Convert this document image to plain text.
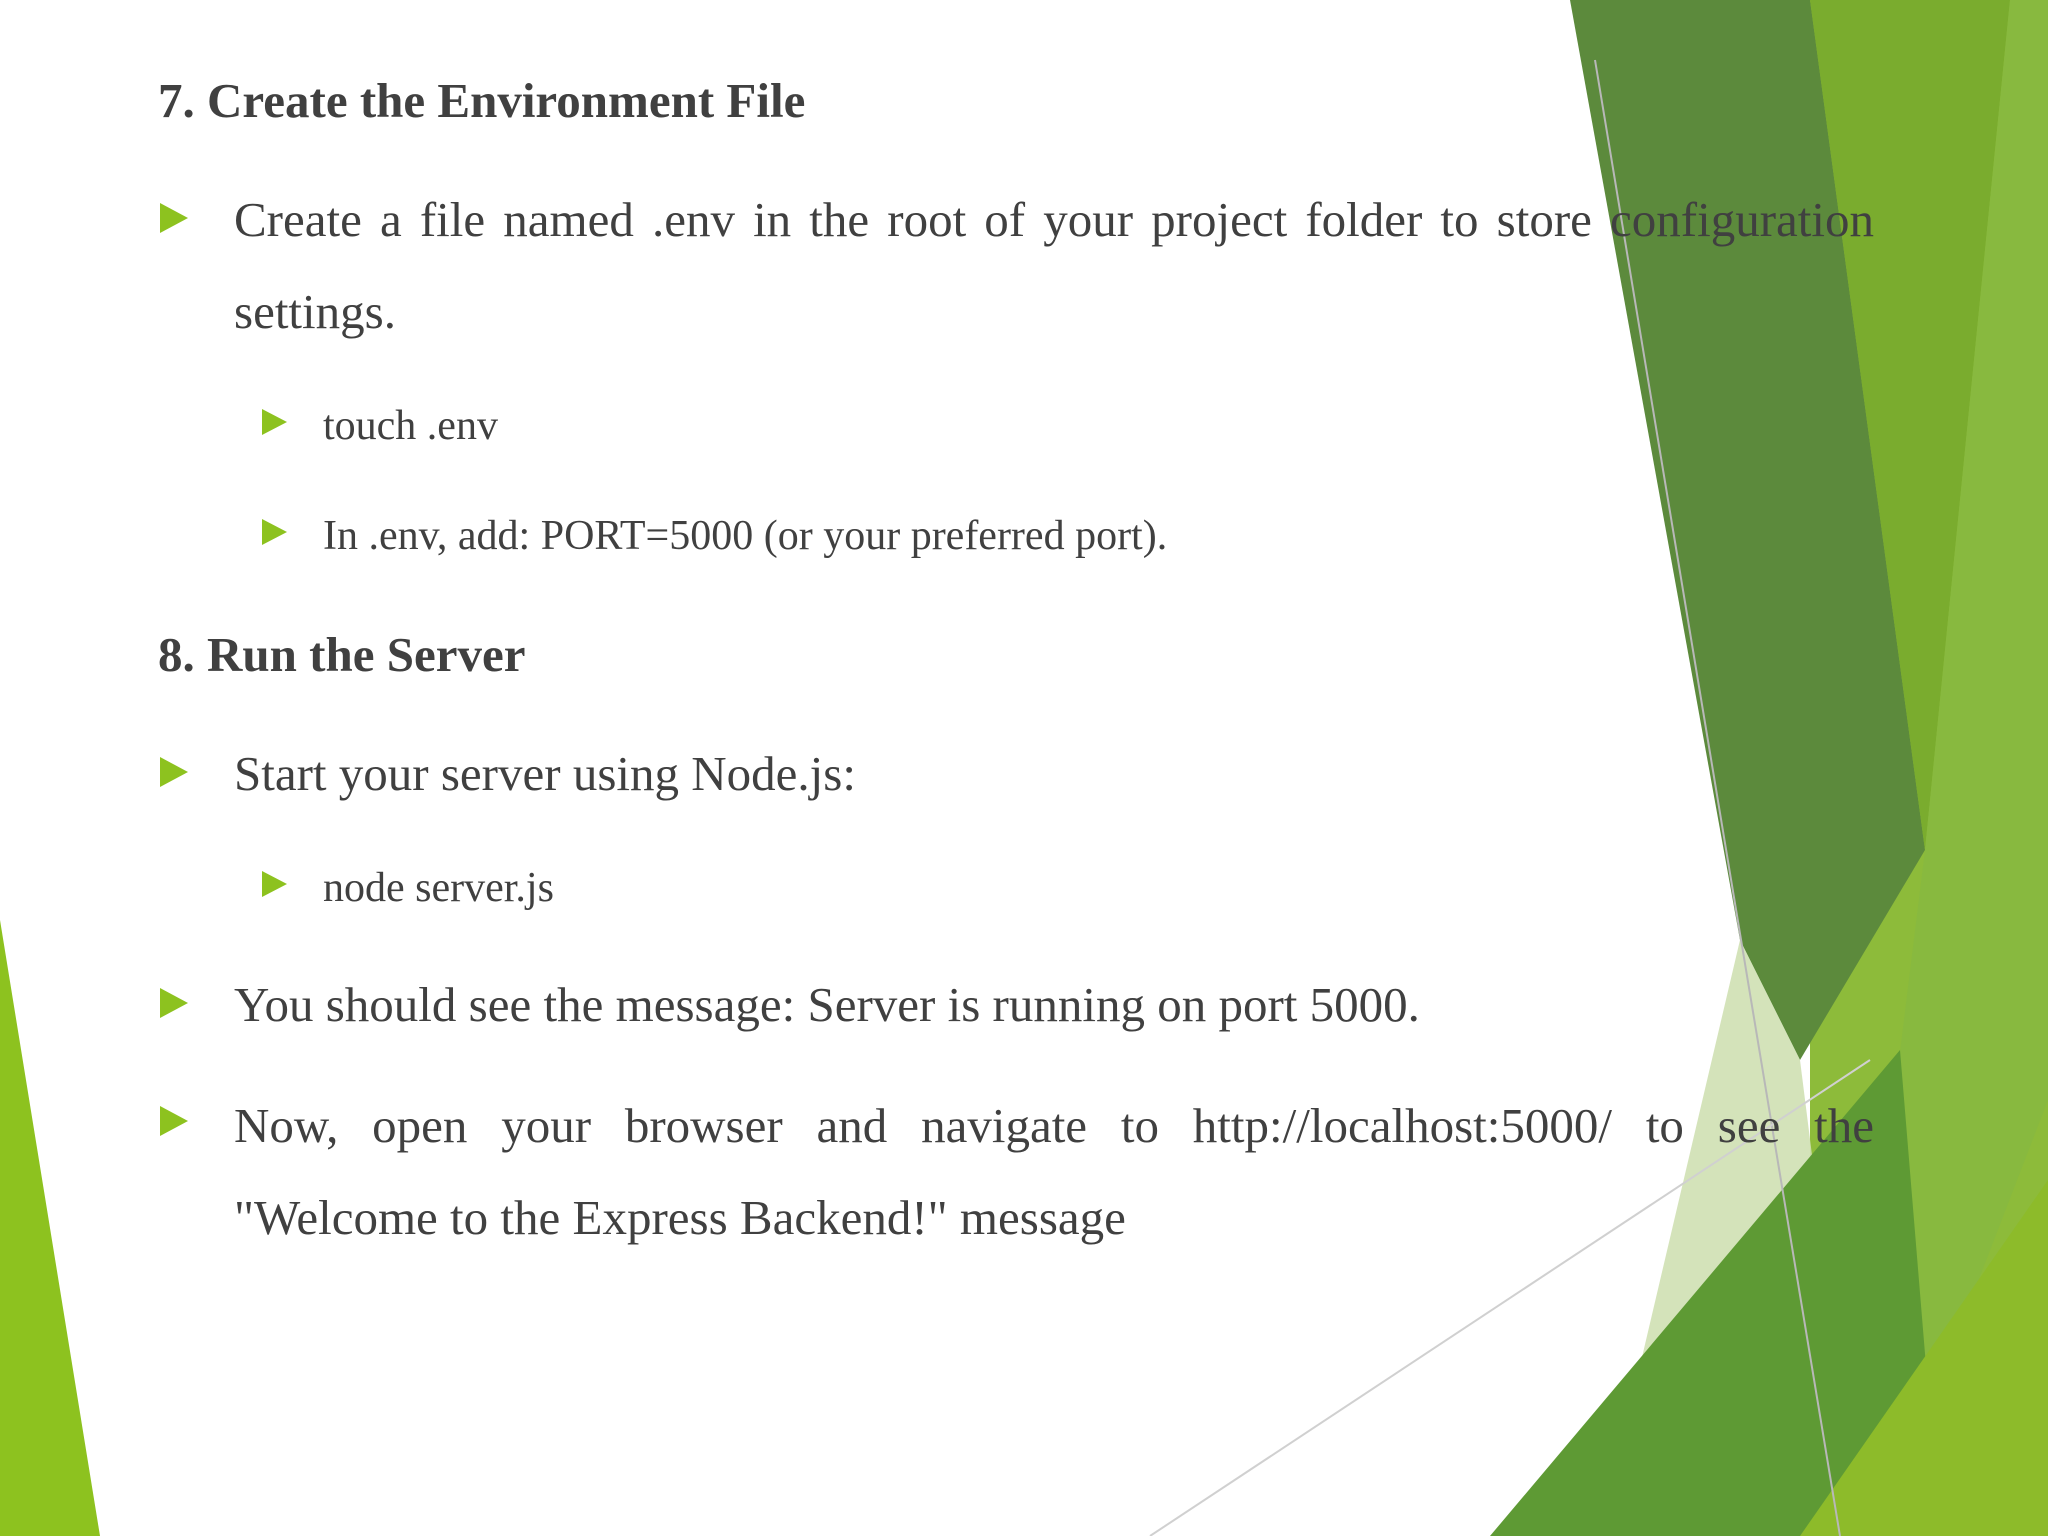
7. Create the Environment File
Create a file named .env in the root of your project folder to store configuration settings.
touch .env
In .env, add: PORT=5000 (or your preferred port).
8. Run the Server
Start your server using Node.js:
node server.js
You should see the message: Server is running on port 5000.
Now, open your browser and navigate to http://localhost:5000/ to see the "Welcome to the Express Backend!" message
